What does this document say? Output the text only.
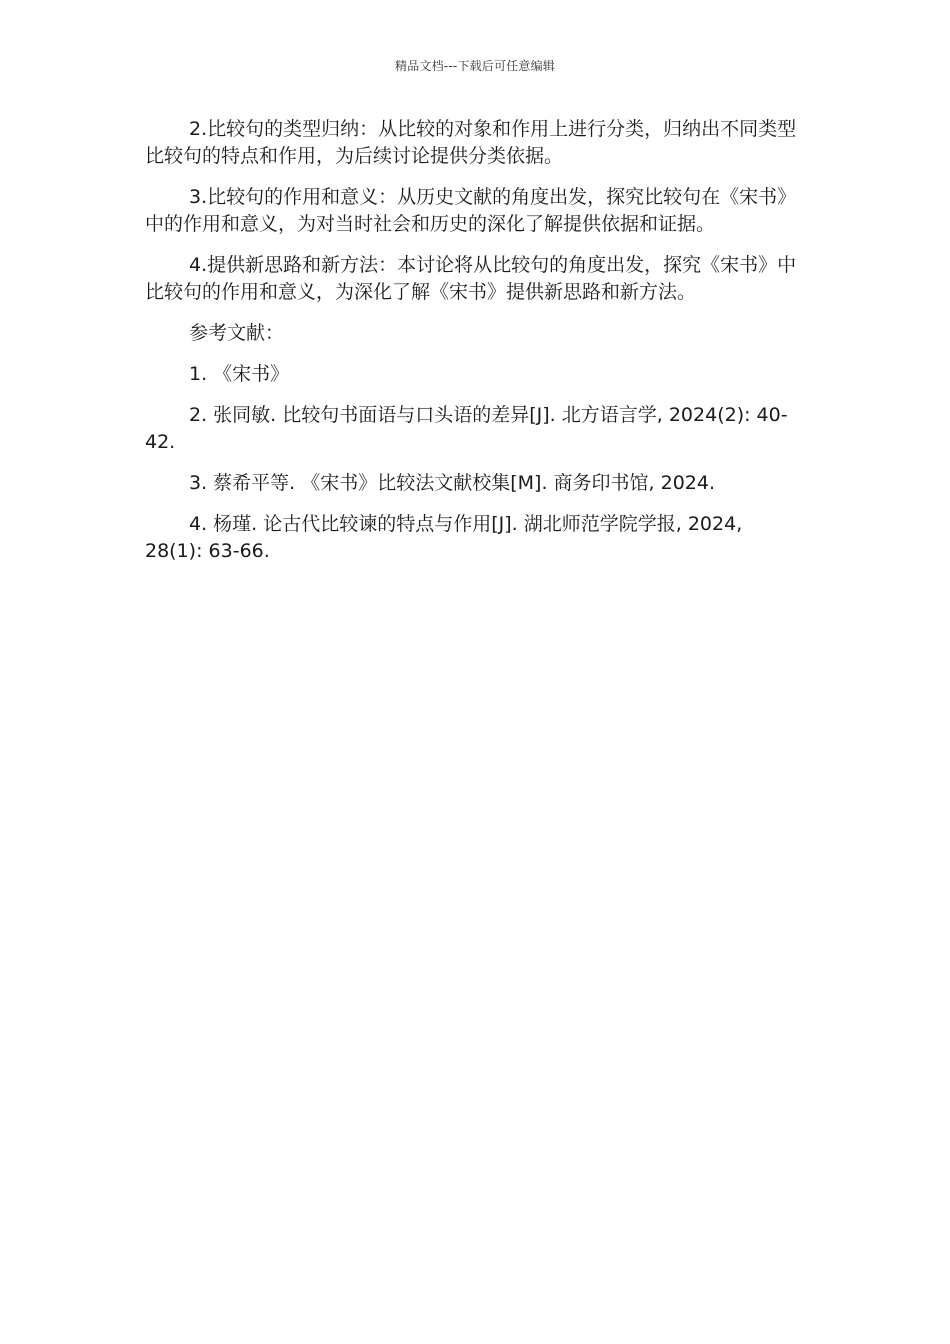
精品文档---下载后可任意编辑

2.比较句的类型归纳：从比较的对象和作用上进行分类，归纳出不同类型比较句的特点和作用，为后续讨论提供分类依据。

3.比较句的作用和意义：从历史文献的角度出发，探究比较句在《宋书》中的作用和意义，为对当时社会和历史的深化了解提供依据和证据。

4.提供新思路和新方法：本讨论将从比较句的角度出发，探究《宋书》中比较句的作用和意义，为深化了解《宋书》提供新思路和新方法。

参考文献：

1. 《宋书》

2. 张同敏. 比较句书面语与口头语的差异[J]. 北方语言学, 2024(2): 40-42.

3. 蔡希平等. 《宋书》比较法文献校集[M]. 商务印书馆, 2024.

4. 杨瑾. 论古代比较谏的特点与作用[J]. 湖北师范学院学报, 2024, 28(1): 63-66.
